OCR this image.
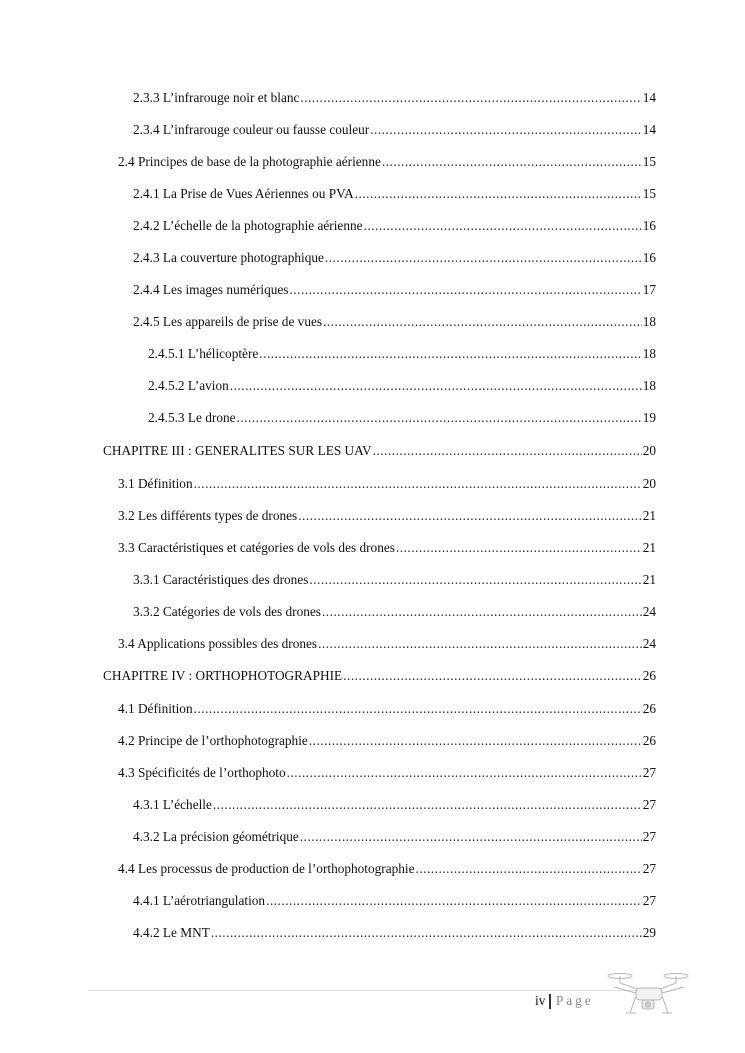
2.3.3 L’infrarouge noir et blanc .....	14
2.3.4 L’infrarouge couleur ou fausse couleur .....	14
2.4 Principes de base de la photographie aérienne .....	15
2.4.1 La Prise de Vues Aériennes ou PVA .....	15
2.4.2 L’échelle de la photographie aérienne .....	16
2.4.3 La couverture photographique .....	16
2.4.4 Les images numériques .....	17
2.4.5 Les appareils de prise de vues .....	18
2.4.5.1 L’hélicoptère .....	18
2.4.5.2 L’avion .....	18
2.4.5.3 Le drone .....	19
CHAPITRE III : GENERALITES SUR LES UAV .....	20
3.1 Définition .....	20
3.2 Les différents types de drones .....	21
3.3 Caractéristiques et catégories de vols des drones .....	21
3.3.1 Caractéristiques des drones .....	21
3.3.2 Catégories de vols des drones .....	24
3.4 Applications possibles des drones .....	24
CHAPITRE IV : ORTHOPHOTOGRAPHIE .....	26
4.1 Définition .....	26
4.2 Principe de l’orthophotographie .....	26
4.3 Spécificités de l’orthophoto .....	27
4.3.1 L’échelle .....	27
4.3.2 La précision géométrique .....	27
4.4 Les processus de production de l’orthophotographie .....	27
4.4.1 L’aérotriangulation .....	27
4.4.2 Le MNT .....	29
iv Page
